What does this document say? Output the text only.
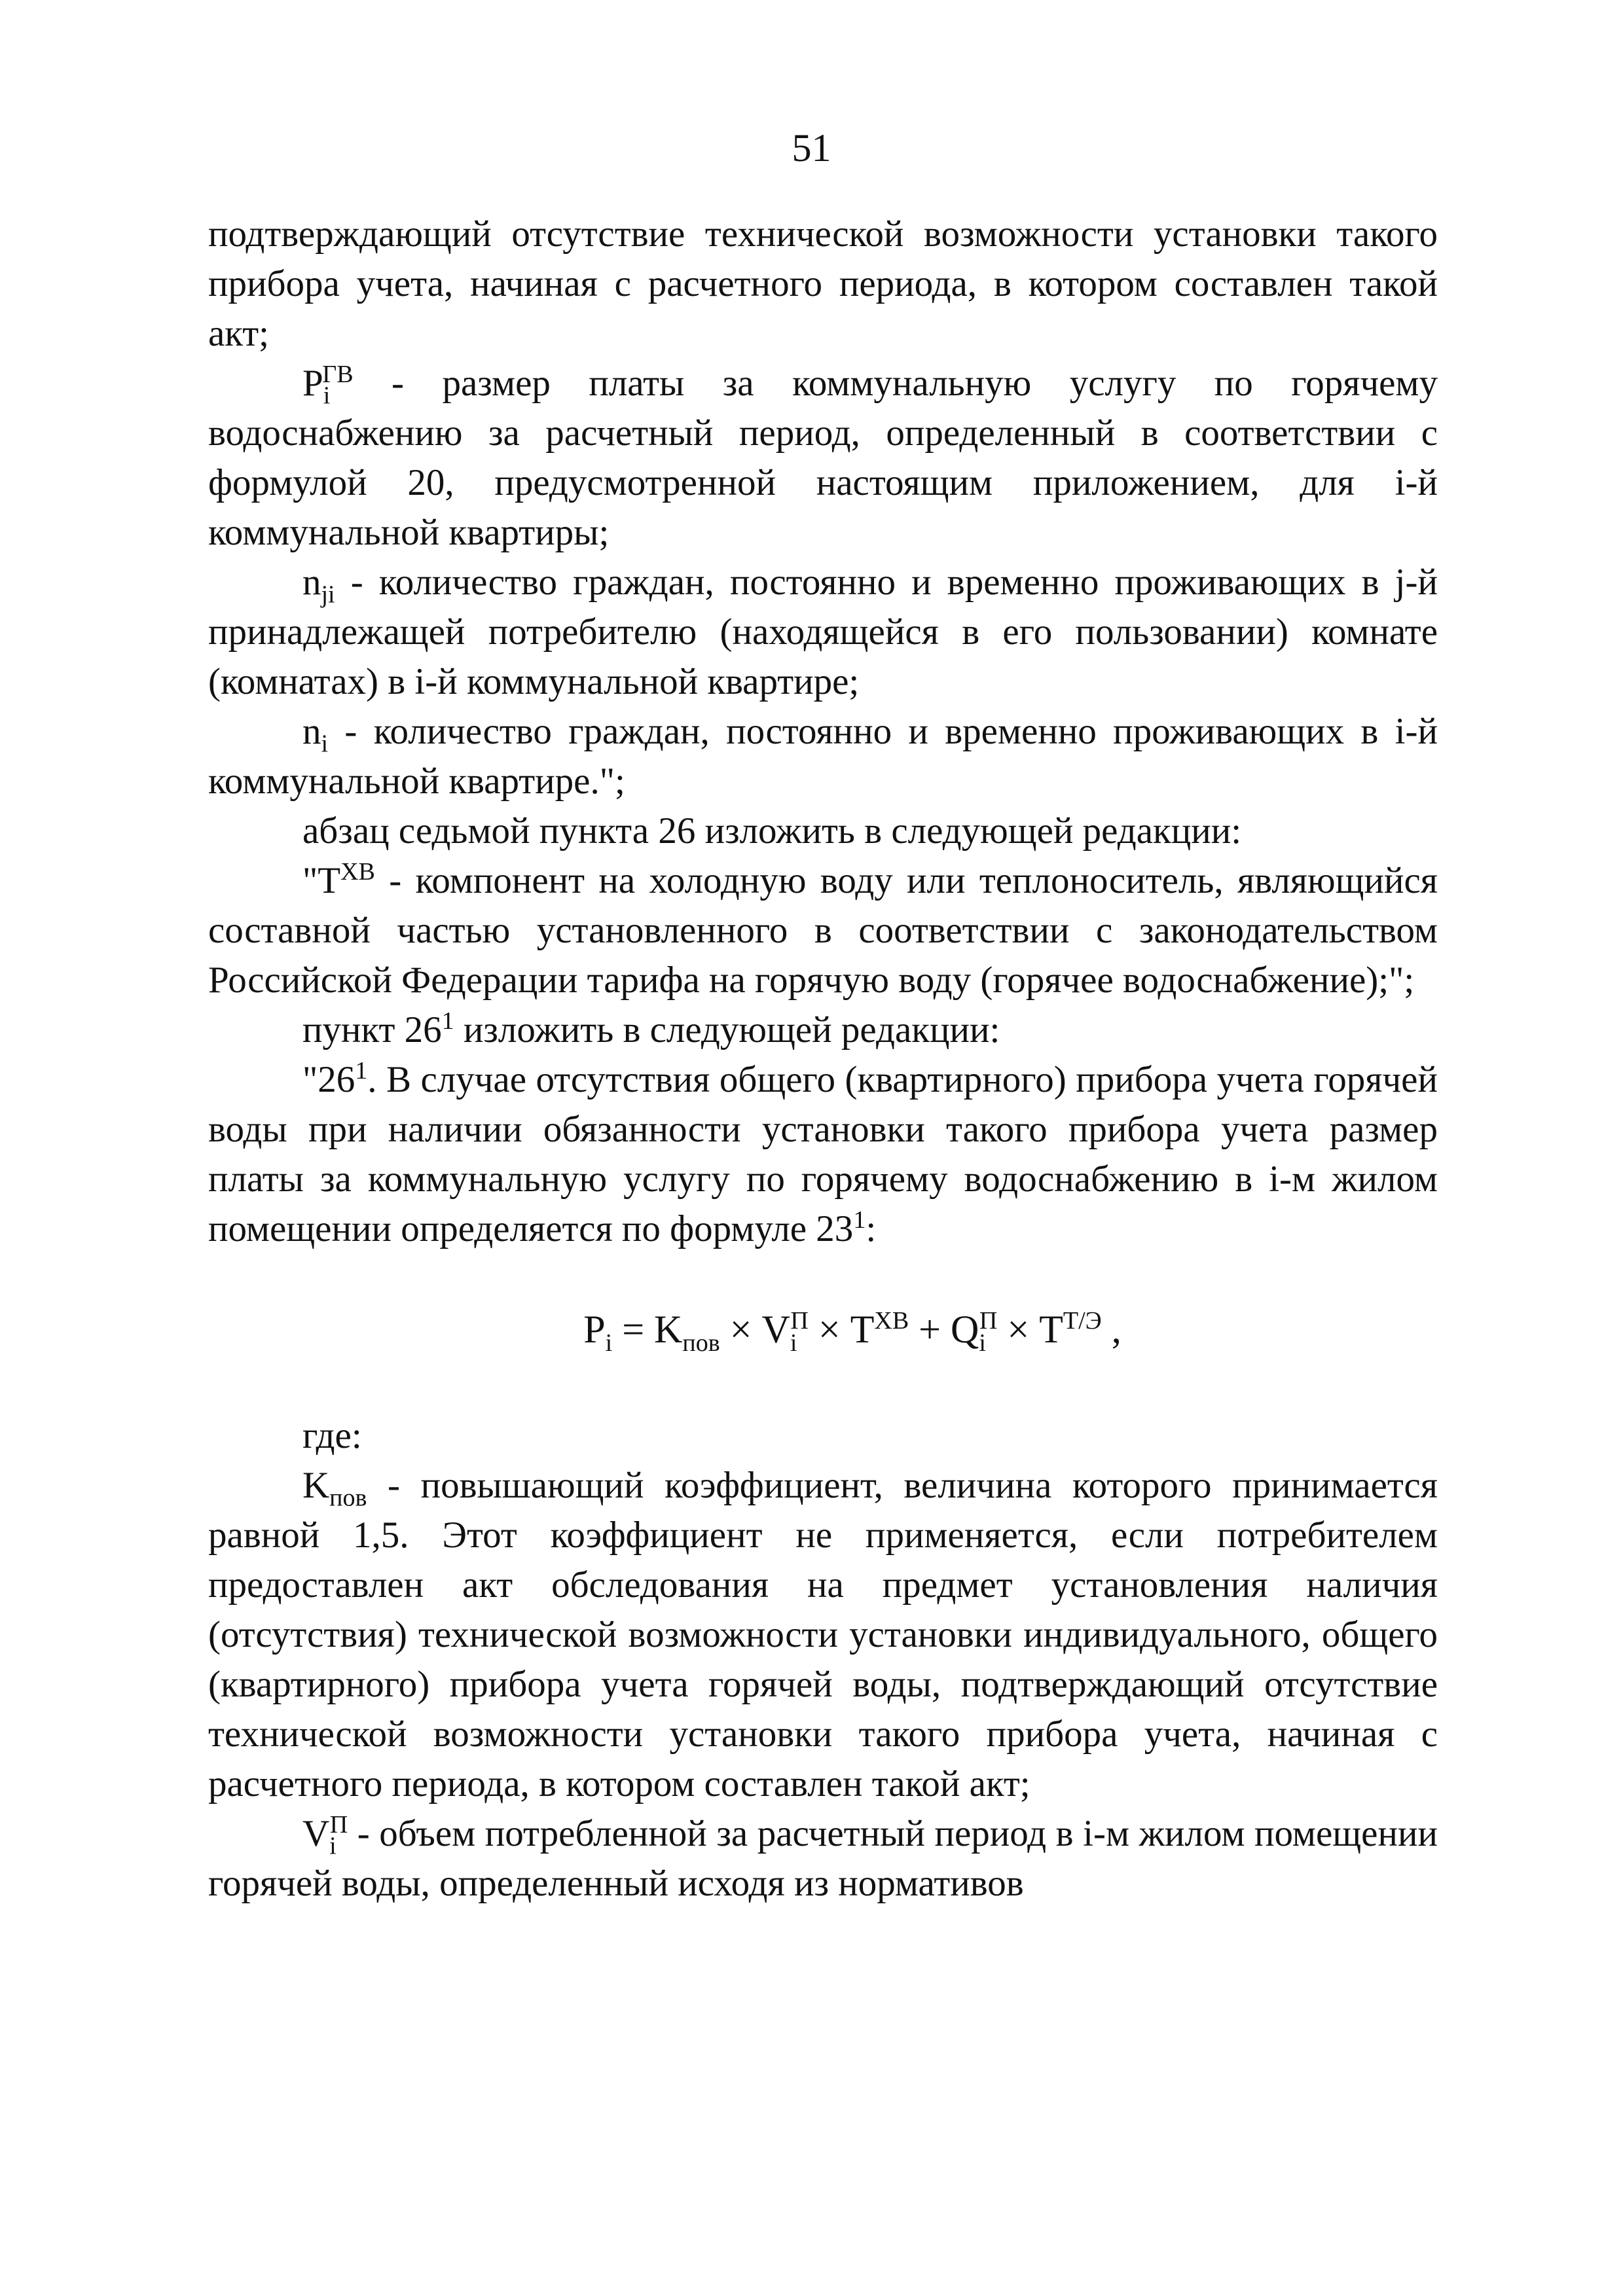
51

подтверждающий отсутствие технической возможности установки такого прибора учета, начиная с расчетного периода, в котором составлен такой акт;

$P_i^{ГВ}$ - размер платы за коммунальную услугу по горячему водоснабжению за расчетный период, определенный в соответствии с формулой 20, предусмотренной настоящим приложением, для i-й коммунальной квартиры;

$n_{ji}$ - количество граждан, постоянно и временно проживающих в j-й принадлежащей потребителю (находящейся в его пользовании) комнате (комнатах) в i-й коммунальной квартире;

$n_i$ - количество граждан, постоянно и временно проживающих в i-й коммунальной квартире.";

абзац седьмой пункта 26 изложить в следующей редакции:

"$T^{ХВ}$ - компонент на холодную воду или теплоноситель, являющийся составной частью установленного в соответствии с законодательством Российской Федерации тарифа на горячую воду (горячее водоснабжение);";

пункт $26^1$ изложить в следующей редакции:

"$26^1$. В случае отсутствия общего (квартирного) прибора учета горячей воды при наличии обязанности установки такого прибора учета размер платы за коммунальную услугу по горячему водоснабжению в i-м жилом помещении определяется по формуле $23^1$:

$P_i = K_{пов} \times V_i^П \times T^{ХВ} + Q_i^П \times T^{Т/Э}$ ,

где:

$K_{пов}$ - повышающий коэффициент, величина которого принимается равной 1,5. Этот коэффициент не применяется, если потребителем предоставлен акт обследования на предмет установления наличия (отсутствия) технической возможности установки индивидуального, общего (квартирного) прибора учета горячей воды, подтверждающий отсутствие технической возможности установки такого прибора учета, начиная с расчетного периода, в котором составлен такой акт;

$V_i^П$ - объем потребленной за расчетный период в i-м жилом помещении горячей воды, определенный исходя из нормативов
